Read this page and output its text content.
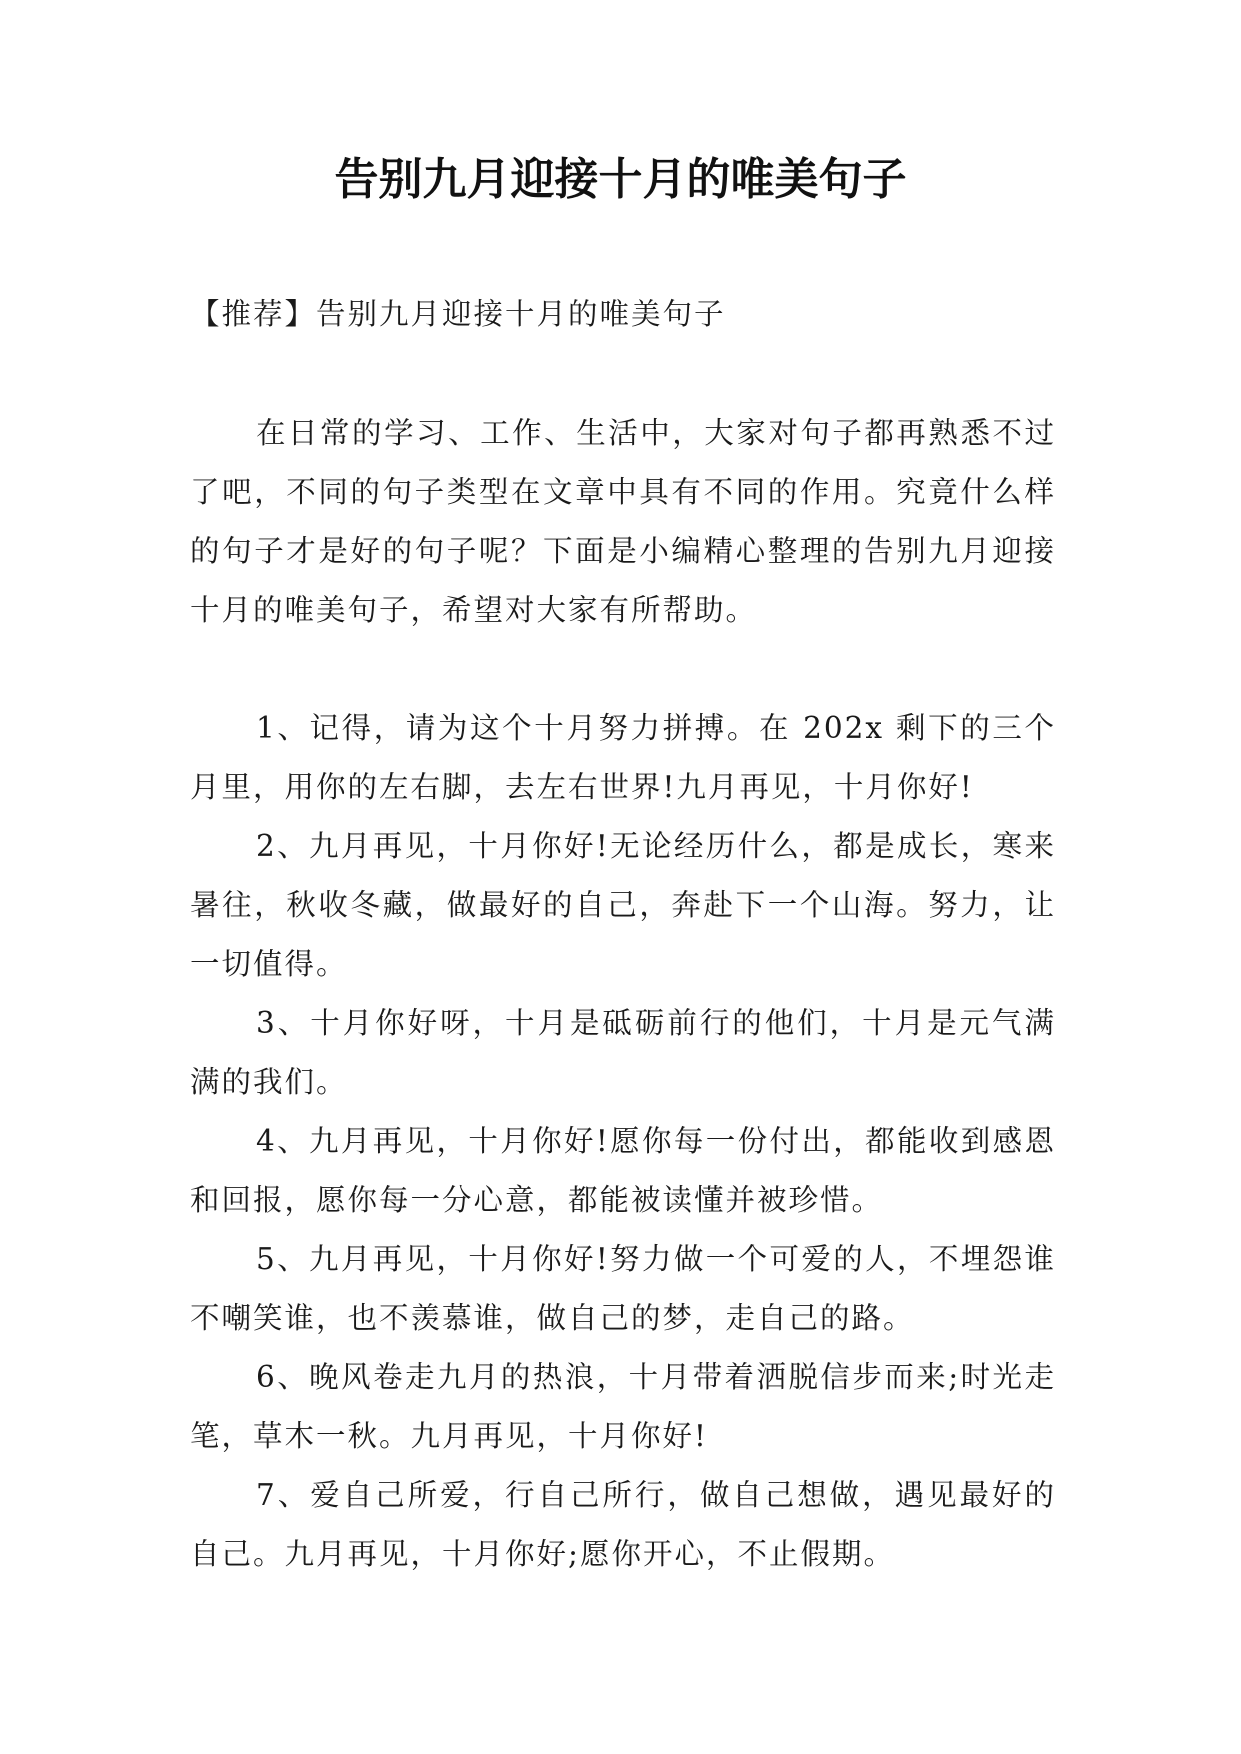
告别九月迎接十月的唯美句子

【推荐】告别九月迎接十月的唯美句子

在日常的学习、工作、生活中，大家对句子都再熟悉不过了吧，不同的句子类型在文章中具有不同的作用。究竟什么样的句子才是好的句子呢？下面是小编精心整理的告别九月迎接十月的唯美句子，希望对大家有所帮助。

1、记得，请为这个十月努力拼搏。在 202x 剩下的三个月里，用你的左右脚，去左右世界!九月再见，十月你好!
2、九月再见，十月你好!无论经历什么，都是成长，寒来暑往，秋收冬藏，做最好的自己，奔赴下一个山海。努力，让一切值得。
3、十月你好呀，十月是砥砺前行的他们，十月是元气满满的我们。
4、九月再见，十月你好!愿你每一份付出，都能收到感恩和回报，愿你每一分心意，都能被读懂并被珍惜。
5、九月再见，十月你好!努力做一个可爱的人，不埋怨谁不嘲笑谁，也不羡慕谁，做自己的梦，走自己的路。
6、晚风卷走九月的热浪，十月带着洒脱信步而来;时光走笔，草木一秋。九月再见，十月你好!
7、爱自己所爱，行自己所行，做自己想做，遇见最好的自己。九月再见，十月你好;愿你开心，不止假期。
